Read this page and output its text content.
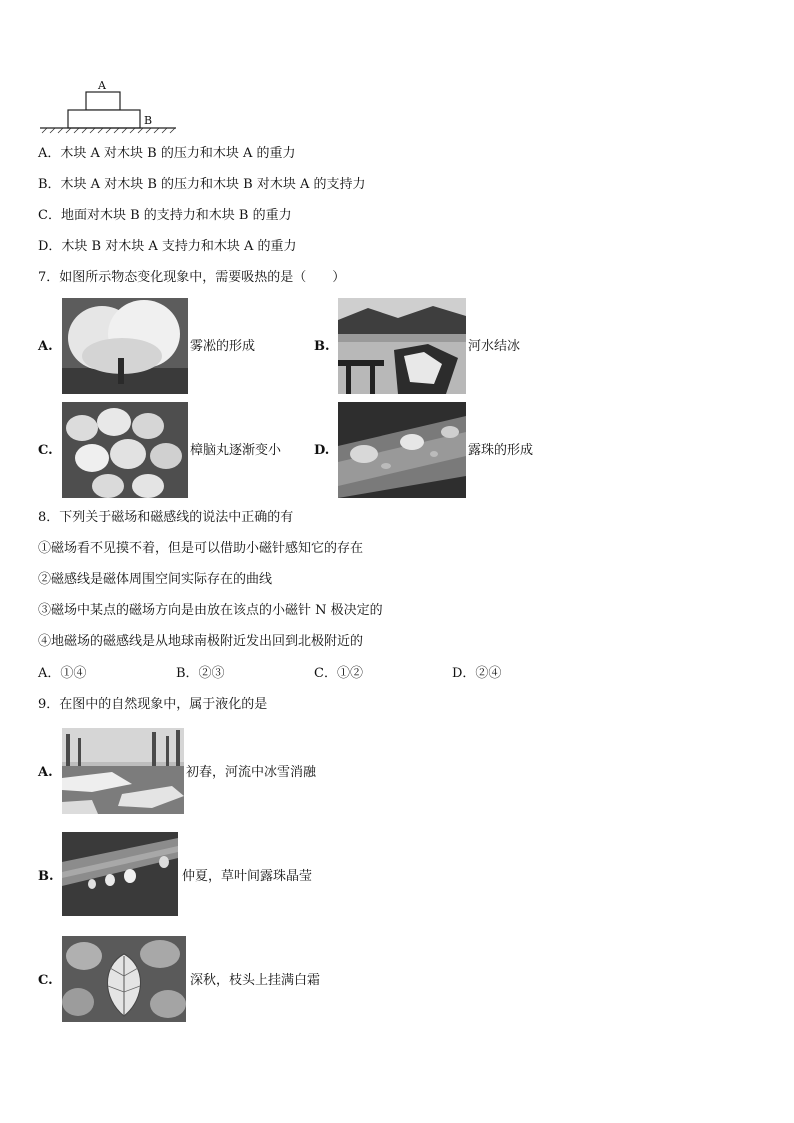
A
B
A．木块 A 对木块 B 的压力和木块 A 的重力
B．木块 A 对木块 B 的压力和木块 B 对木块 A 的支持力
C．地面对木块 B 的支持力和木块 B 的重力
D．木块 B 对木块 A 支持力和木块 A 的重力
7．如图所示物态变化现象中，需要吸热的是（　　）
A.	雾凇的形成	B.	河水结冰
C.	樟脑丸逐渐变小	D.	露珠的形成
8．下列关于磁场和磁感线的说法中正确的有
①磁场看不见摸不着，但是可以借助小磁针感知它的存在
②磁感线是磁体周围空间实际存在的曲线
③磁场中某点的磁场方向是由放在该点的小磁针 N 极决定的
④地磁场的磁感线是从地球南极附近发出回到北极附近的
A．①④	B．②③	C．①②	D．②④
9．在图中的自然现象中，属于液化的是
A.	初春，河流中冰雪消融
B.	仲夏，草叶间露珠晶莹
C.	深秋，枝头上挂满白霜
